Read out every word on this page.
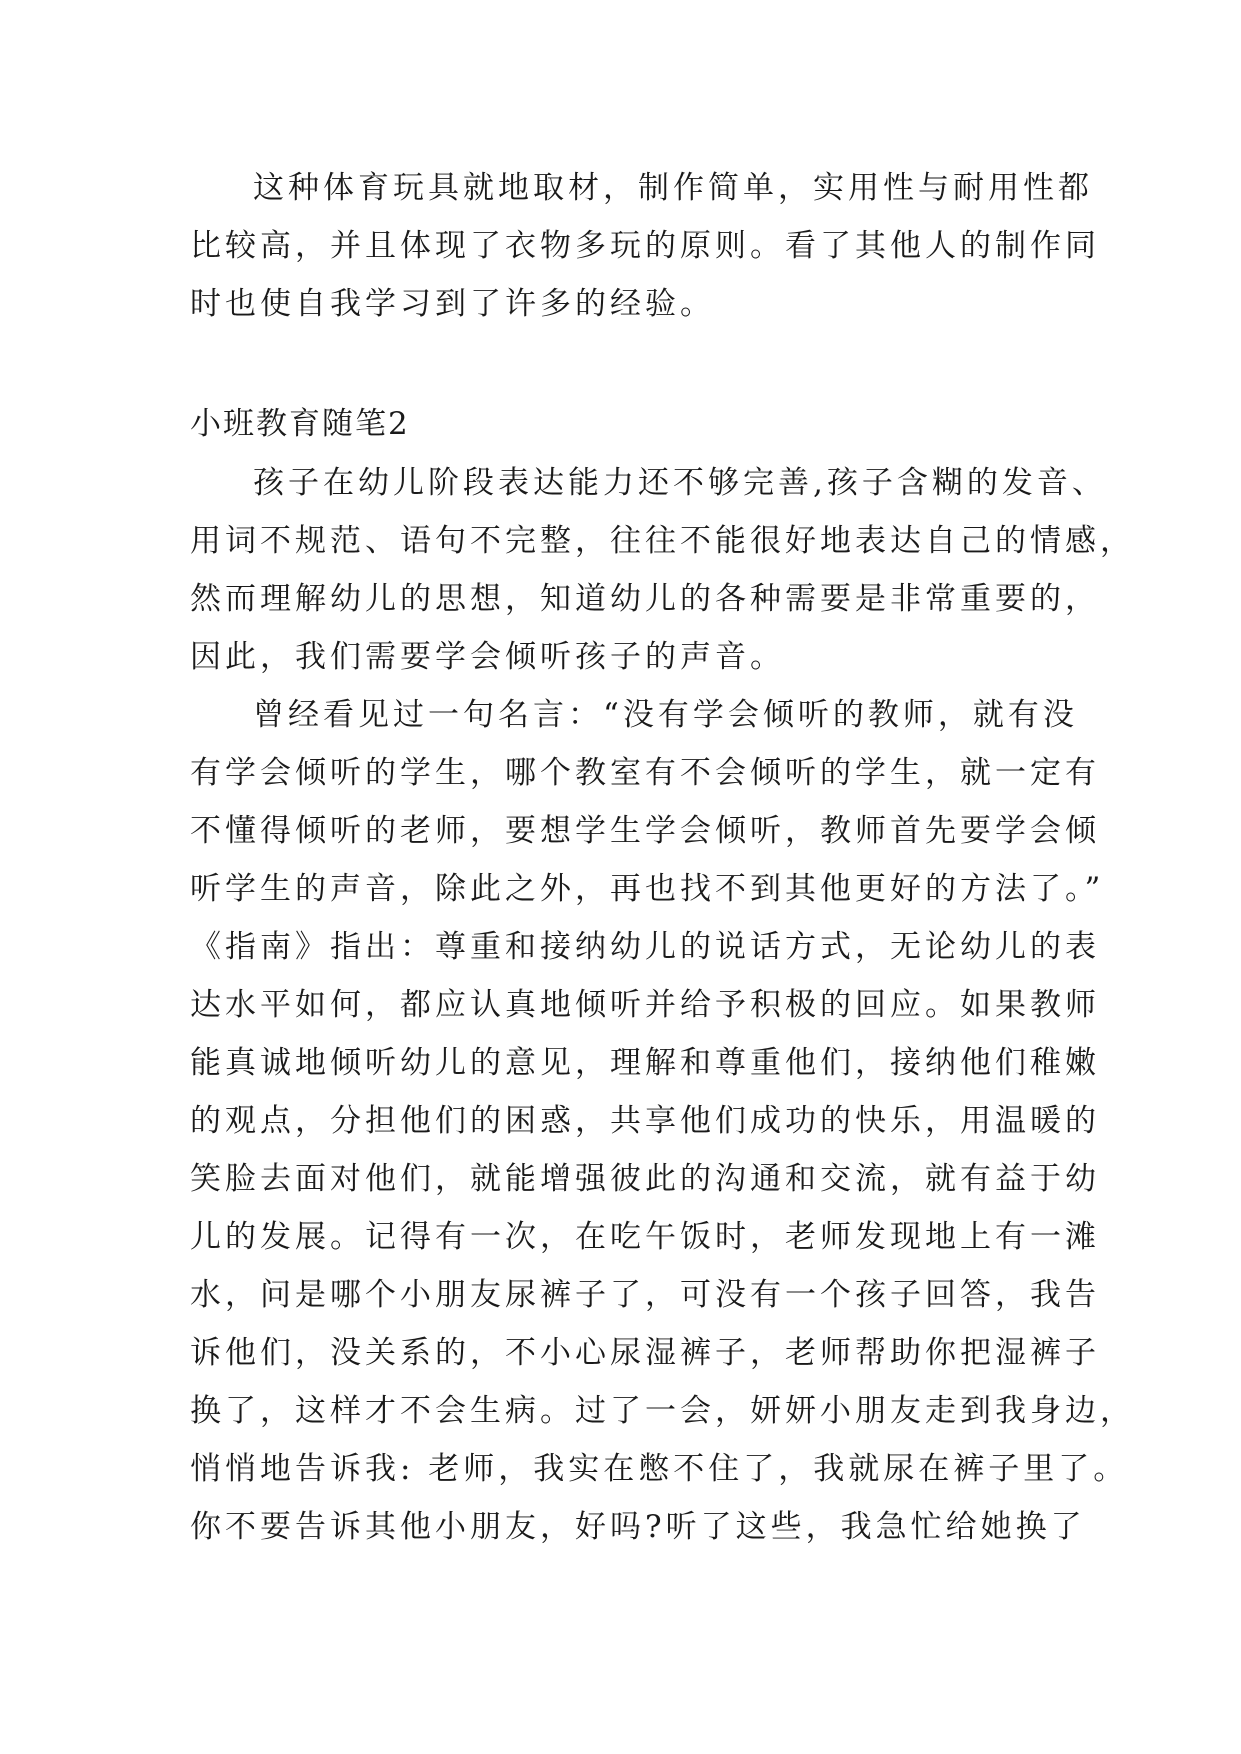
这种体育玩具就地取材，制作简单，实用性与耐用性都
比较高，并且体现了衣物多玩的原则。看了其他人的制作同
时也使自我学习到了许多的经验。
小班教育随笔2
孩子在幼儿阶段表达能力还不够完善,孩子含糊的发音、
用词不规范、语句不完整，往往不能很好地表达自己的情感，
然而理解幼儿的思想，知道幼儿的各种需要是非常重要的，
因此，我们需要学会倾听孩子的声音。
曾经看见过一句名言：“没有学会倾听的教师，就有没
有学会倾听的学生，哪个教室有不会倾听的学生，就一定有
不懂得倾听的老师，要想学生学会倾听，教师首先要学会倾
听学生的声音，除此之外，再也找不到其他更好的方法了。”
《指南》指出：尊重和接纳幼儿的说话方式，无论幼儿的表
达水平如何，都应认真地倾听并给予积极的回应。如果教师
能真诚地倾听幼儿的意见，理解和尊重他们，接纳他们稚嫩
的观点，分担他们的困惑，共享他们成功的快乐，用温暖的
笑脸去面对他们，就能增强彼此的沟通和交流，就有益于幼
儿的发展。记得有一次，在吃午饭时，老师发现地上有一滩
水，问是哪个小朋友尿裤子了，可没有一个孩子回答，我告
诉他们，没关系的，不小心尿湿裤子，老师帮助你把湿裤子
换了，这样才不会生病。过了一会，妍妍小朋友走到我身边，
悄悄地告诉我: 老师，我实在憋不住了，我就尿在裤子里了。
你不要告诉其他小朋友，好吗?听了这些，我急忙给她换了
